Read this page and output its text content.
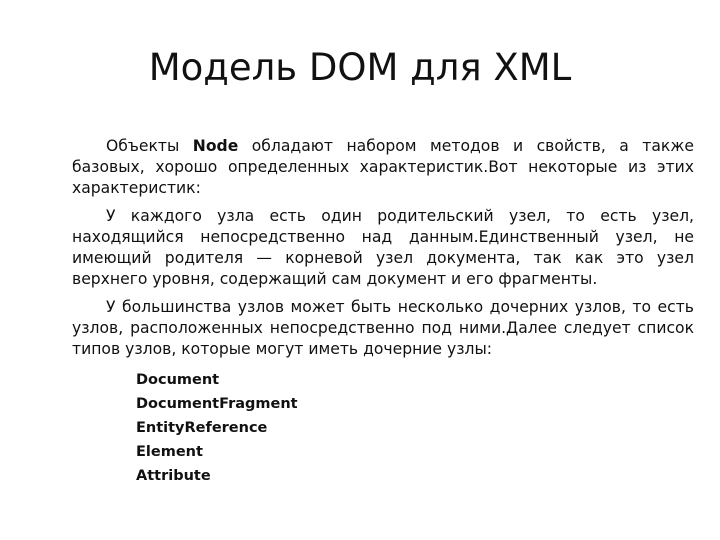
Модель DOM для XML

Объекты Node обладают набором методов и свойств, а также базовых, хорошо определенных характеристик.Вот некоторые из этих характеристик:

У каждого узла есть один родительский узел, то есть узел, находящийся непосредственно над данным.Единственный узел, не имеющий родителя — корневой узел документа, так как это узел верхнего уровня, содержащий сам документ и его фрагменты.

У большинства узлов может быть несколько дочерних узлов, то есть узлов, расположенных непосредственно под ними.Далее следует список типов узлов, которые могут иметь дочерние узлы:

Document
DocumentFragment
EntityReference
Element
Attribute
